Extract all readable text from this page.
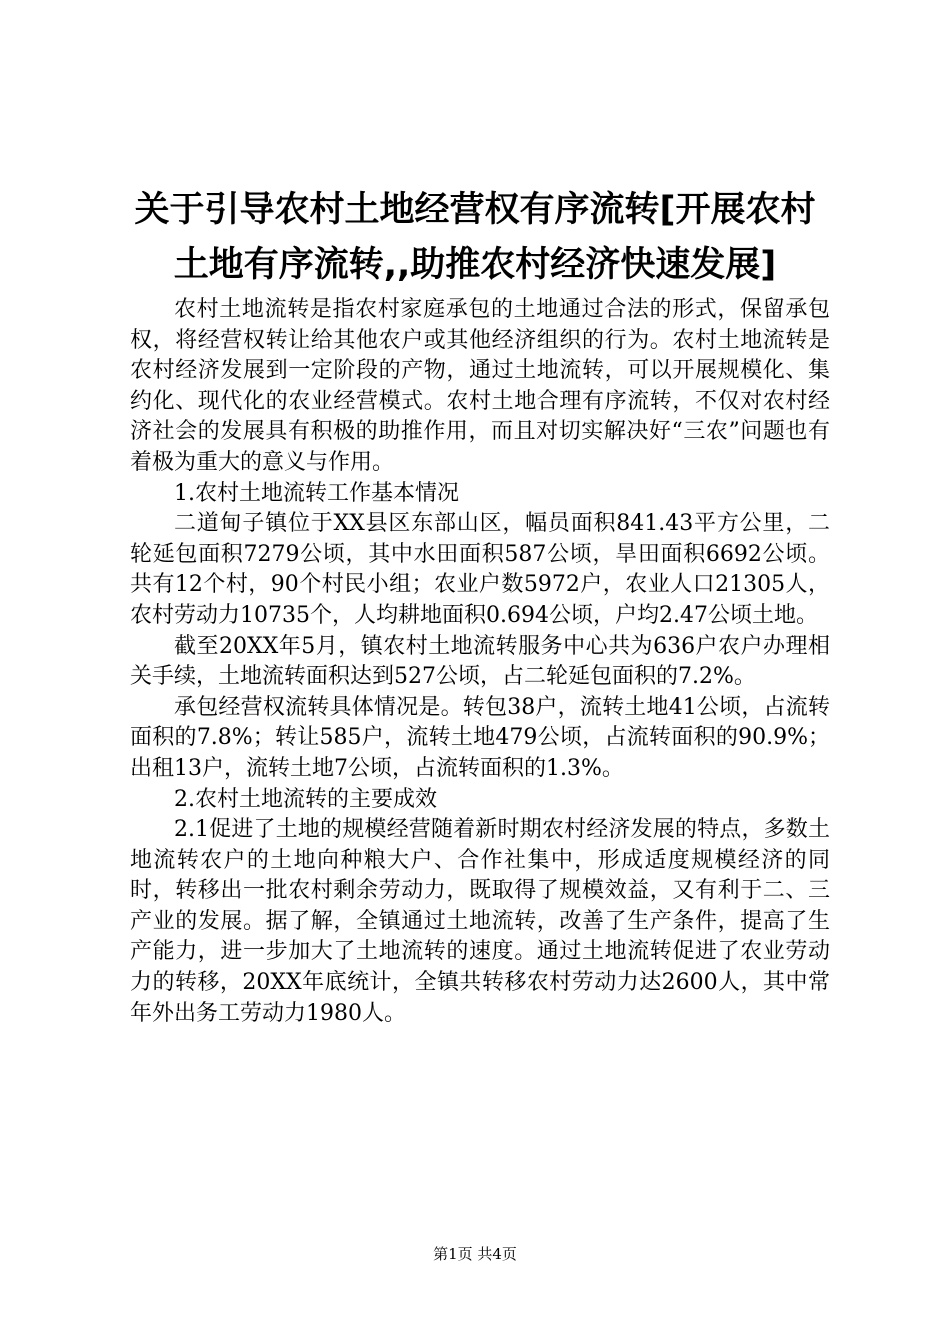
关于引导农村土地经营权有序流转[开展农村
土地有序流转,,助推农村经济快速发展]

农村土地流转是指农村家庭承包的土地通过合法的形式，保留承包权，将经营权转让给其他农户或其他经济组织的行为。农村土地流转是农村经济发展到一定阶段的产物，通过土地流转，可以开展规模化、集约化、现代化的农业经营模式。农村土地合理有序流转，不仅对农村经济社会的发展具有积极的助推作用，而且对切实解决好“三农”问题也有着极为重大的意义与作用。

1.农村土地流转工作基本情况

二道甸子镇位于XX县区东部山区，幅员面积841.43平方公里，二轮延包面积7279公顷，其中水田面积587公顷，旱田面积6692公顷。共有12个村，90个村民小组；农业户数5972户，农业人口21305人，农村劳动力10735个，人均耕地面积0.694公顷，户均2.47公顷土地。

截至20XX年5月，镇农村土地流转服务中心共为636户农户办理相关手续，土地流转面积达到527公顷，占二轮延包面积的7.2%。

承包经营权流转具体情况是。转包38户，流转土地41公顷，占流转面积的7.8%；转让585户，流转土地479公顷，占流转面积的90.9%；出租13户，流转土地7公顷，占流转面积的1.3%。

2.农村土地流转的主要成效

2.1促进了土地的规模经营随着新时期农村经济发展的特点，多数土地流转农户的土地向种粮大户、合作社集中，形成适度规模经济的同时，转移出一批农村剩余劳动力，既取得了规模效益，又有利于二、三产业的发展。据了解，全镇通过土地流转，改善了生产条件，提高了生产能力，进一步加大了土地流转的速度。通过土地流转促进了农业劳动力的转移，20XX年底统计，全镇共转移农村劳动力达2600人，其中常年外出务工劳动力1980人。

第1页 共4页
